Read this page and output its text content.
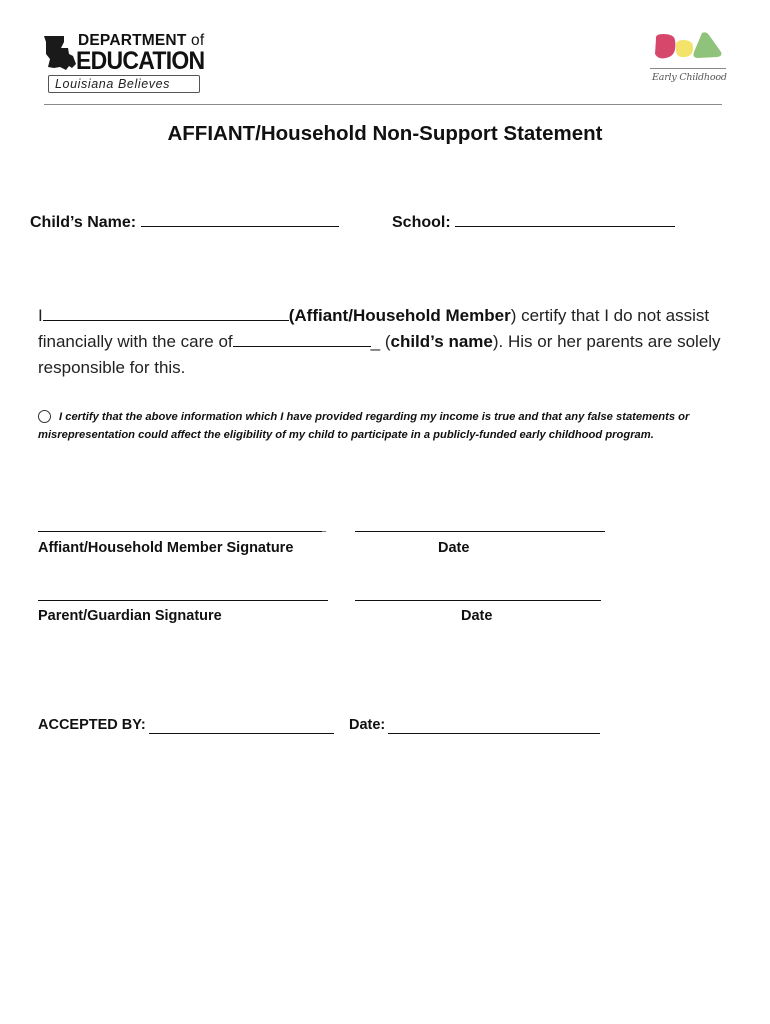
DEPARTMENT of
EDUCATION
Louisiana Believes	Early Childhood
AFFIANT/Household Non-Support Statement
Child’s Name:	School:
I	(Affiant/Household Member) certify that I do not assist financially with the care of	_ (child’s name). His or her parents are solely responsible for this.
I certify that the above information which I have provided regarding my income is true and that any false statements or misrepresentation could affect the eligibility of my child to participate in a publicly-funded early childhood program.
_
Affiant/Household Member Signature	Date
Parent/Guardian Signature	Date
ACCEPTED BY:	Date:
